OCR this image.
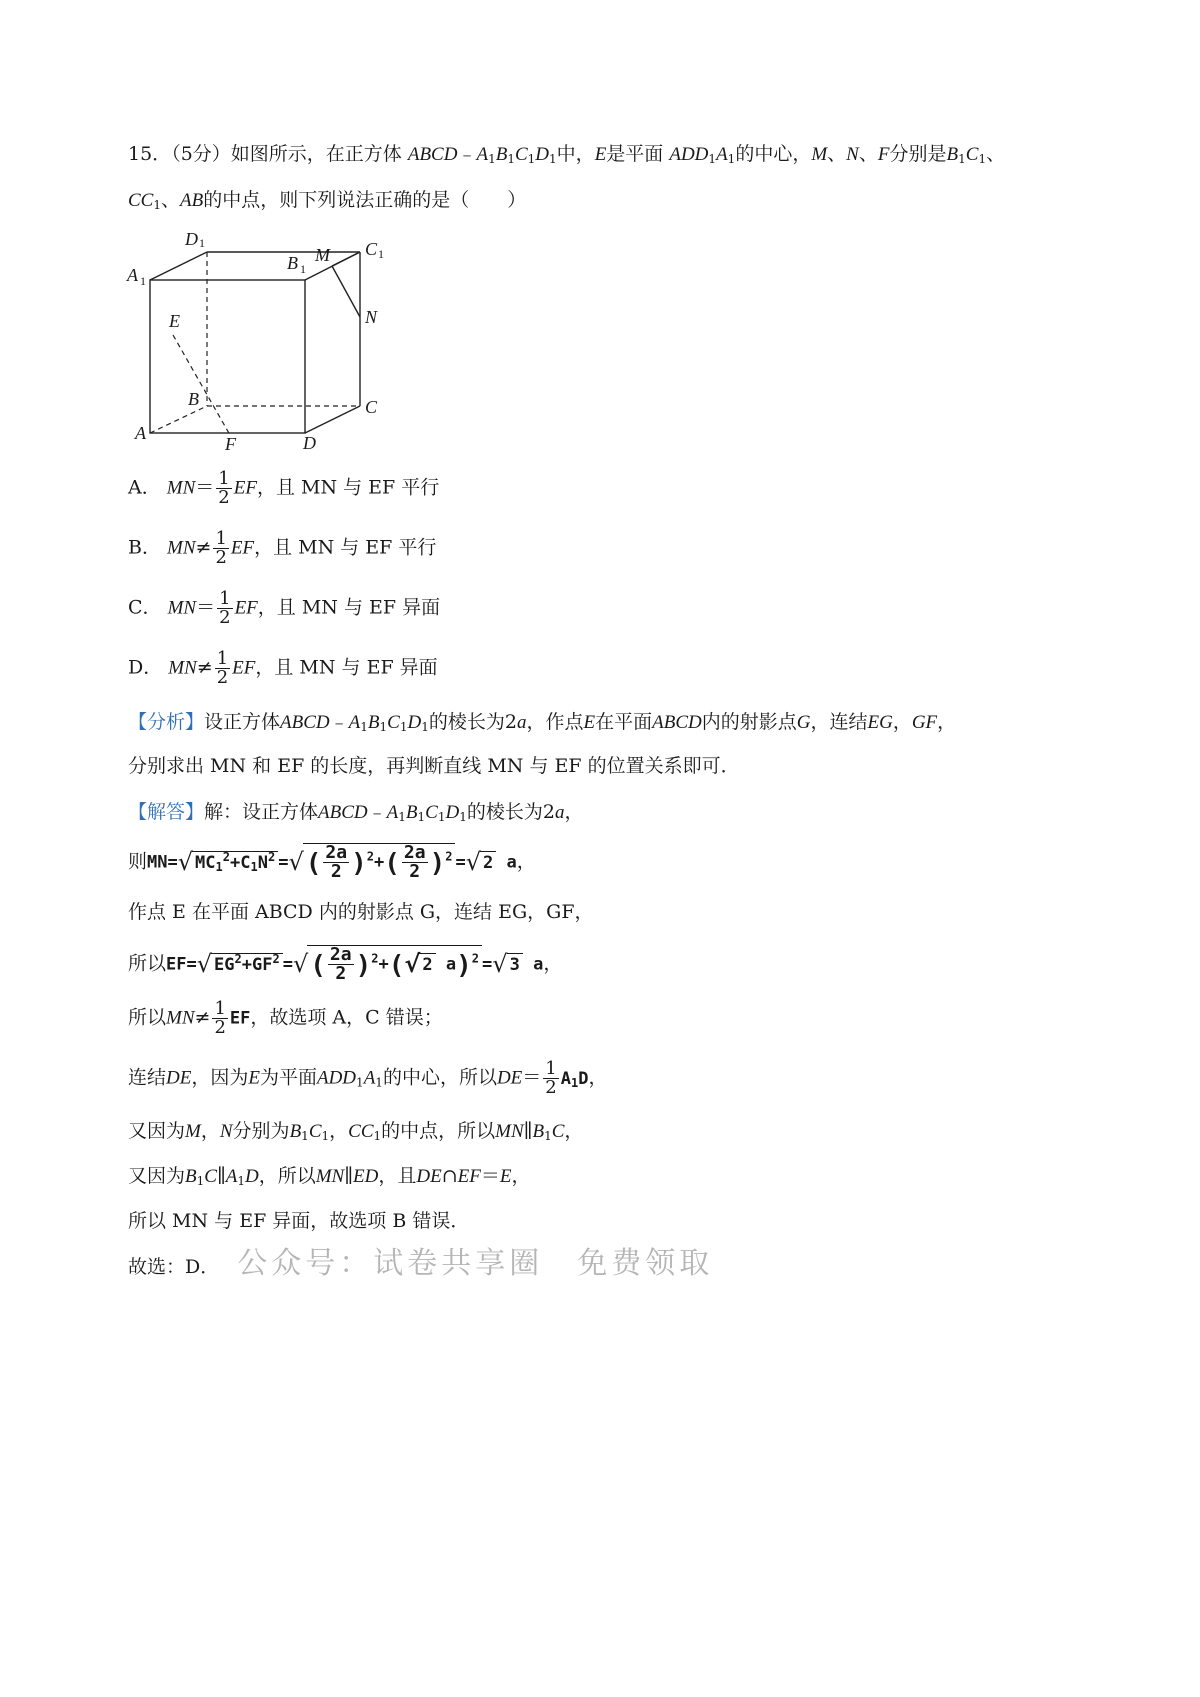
15．（5分）如图所示，在正方体 $ABCD﹣A_1B_1C_1D_1$中，E是平面 $ADD_1A_1$的中心，M、N、F分别是$B_1C_1$、
$CC_1$、AB的中点，则下列说法正确的是（　　）
D 1
A 1
B 1
M C 1
N
E
B	C
A
F	D
A． $MN= \frac{1}{2}$ EF，且 MN 与 EF 平行
B． $MN\ne \frac{1}{2}$ EF，且 MN 与 EF 平行
C． $MN= \frac{1}{2}$ EF，且 MN 与 EF 异面
D． $MN\ne \frac{1}{2}$ EF，且 MN 与 EF 异面
【分析】设正方体$ABCD﹣A_1B_1C_1D_1$的棱长为2a，作点E在平面ABCD内的射影点G，连结EG，GF，
分别求出 MN 和 EF 的长度，再判断直线 MN 与 EF 的位置关系即可．
【解答】解：设正方体$ABCD﹣A_1B_1C_1D_1$的棱长为2a，
则MN=√ $MC_1^2+C_1N^2$ =√( $\frac{2a}{2} )^2+( \frac{2a}{2} )^2$ =√ 2 a，
作点 E 在平面 ABCD 内的射影点 G，连结 EG，GF，
所以EF=√ $EG^2+GF^2$ =√( $\frac{2a}{2} )^2+(√$ 2 a)$^2$ =√ 3 a，
所以$MN\ne \frac{1}{2}$ EF，故选项 A，C 错误；
连结DE，因为E为平面$ADD_1A_1$的中心，所以$DE= \frac{1}{2} A_1D$，
又因为M，N分别为$B_1C_1$，$CC_1$的中点，所以$MN\parallel B_1C$，
又因为$B_1C\parallel A_1D$，所以MN∥ED，且DE∩EF＝E，
所以 MN 与 EF 异面，故选项 B 错误．
故选：D． 公众号：试卷共享圈　免费领取
